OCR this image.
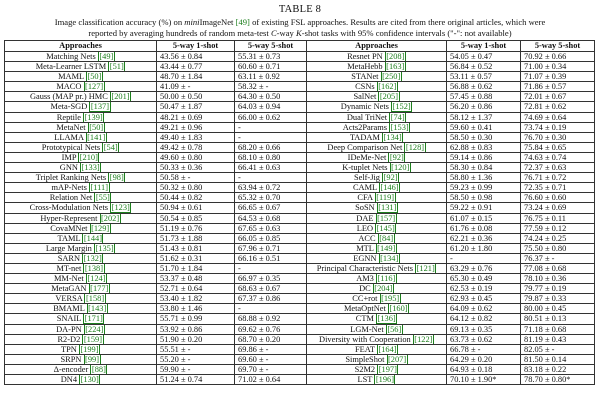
TABLE 8
Image classification accuracy (%) on miniImageNet [49] of existing FSL approaches. Results are cited from there original articles, which were
reported by averaging hundreds of random meta-test C-way K-shot tasks with 95% confidence intervals ("-": not available)
Approaches	5-way 1-shot	5-way 5-shot	Approaches	5-way 1-shot	5-way 5-shot
Matching Nets [49]	43.56 ± 0.84	55.31 ± 0.73	Resnet PN [208]	54.05 ± 0.47	70.92 ± 0.66
Meta-Learner LSTM [51]	43.44 ± 0.77	60.60 ± 0.71	MetaHebb [163]	56.84 ± 0.52	71.00 ± 0.34
MAML [50]	48.70 ± 1.84	63.11 ± 0.92	STANet [250]	53.11 ± 0.57	71.07 ± 0.39
MACO [127]	41.09 ± -	58.32 ± -	CSNs [162]	56.88 ± 0.62	71.86 ± 0.57
Gauss (MAP pr.) HMC [201]	50.00 ± 0.50	64.30 ± 0.50	SalNet [205]	57.45 ± 0.88	72.01 ± 0.67
Meta-SGD [137]	50.47 ± 1.87	64.03 ± 0.94	Dynamic Nets [152]	56.20 ± 0.86	72.81 ± 0.62
Reptile [139]	48.21 ± 0.69	66.00 ± 0.62	Dual TriNet [74]	58.12 ± 1.37	74.69 ± 0.64
MetaNet [50]	49.21 ± 0.96	-	Acts2Params [153]	59.60 ± 0.41	73.74 ± 0.19
LLAMA [141]	49.40 ± 1.83	-	TADAM [134]	58.50 ± 0.30	76.70 ± 0.30
Prototypical Nets [54]	49.42 ± 0.78	68.20 ± 0.66	Deep Comparison Net [128]	62.88 ± 0.83	75.84 ± 0.65
IMP [210]	49.60 ± 0.80	68.10 ± 0.80	IDeMe-Net [92]	59.14 ± 0.86	74.63 ± 0.74
GNN [133]	50.33 ± 0.36	66.41 ± 0.63	K-tuplet Nets [120]	58.30 ± 0.84	72.37 ± 0.63
Triplet Ranking Nets [98]	50.58 ± -	-	Self-Jig [92]	58.80 ± 1.36	76.71 ± 0.72
mAP-Nets [111]	50.32 ± 0.80	63.94 ± 0.72	CAML [146]	59.23 ± 0.99	72.35 ± 0.71
Relation Net [55]	50.44 ± 0.82	65.32 ± 0.70	CFA [119]	58.50 ± 0.98	76.60 ± 0.60
Cross-Modulation Nets [123]	50.94 ± 0.61	66.65 ± 0.67	SoSN [131]	59.22 ± 0.91	73.24 ± 0.69
Hyper-Represent [202]	50.54 ± 0.85	64.53 ± 0.68	DAE [157]	61.07 ± 0.15	76.75 ± 0.11
CovaMNet [129]	51.19 ± 0.76	67.65 ± 0.63	LEO [145]	61.76 ± 0.08	77.59 ± 0.12
TAML [144]	51.73 ± 1.88	66.05 ± 0.85	ACC [84]	62.21 ± 0.36	74.24 ± 0.25
Large Margin [135]	51.43 ± 0.81	67.96 ± 0.71	MTL [149]	61.20 ± 1.80	75.50 ± 0.80
SARN [132]	51.62 ± 0.31	66.16 ± 0.51	EGNN [134]	-	76.37 ± -
MT-net [138]	51.70 ± 1.84	-	Principal Characteristic Nets [121]	63.29 ± 0.76	77.08 ± 0.68
MM-Net [124]	53.37 ± 0.48	66.97 ± 0.35	AM3 [116]	65.30 ± 0.49	78.10 ± 0.36
MetaGAN [177]	52.71 ± 0.64	68.63 ± 0.67	DC [204]	62.53 ± 0.19	79.77 ± 0.19
VERSA [158]	53.40 ± 1.82	67.37 ± 0.86	CC+rot [195]	62.93 ± 0.45	79.87 ± 0.33
BMAML [143]	53.80 ± 1.46	-	MetaOptNet [160]	64.09 ± 0.62	80.00 ± 0.45
SNAIL [171]	55.71 ± 0.99	68.88 ± 0.92	CTM [136]	64.12 ± 0.82	80.51 ± 0.13
DA-PN [224]	53.92 ± 0.86	69.62 ± 0.76	LGM-Net [56]	69.13 ± 0.35	71.18 ± 0.68
R2-D2 [159]	51.90 ± 0.20	68.70 ± 0.20	Diversity with Cooperation [122]	63.73 ± 0.62	81.19 ± 0.43
TPN [199]	55.51 ± -	69.86 ± -	FEAT [164]	66.78 ± -	82.05 ± -
SRPN [99]	55.20 ± -	69.60 ± -	SimpleShot [207]	64.29 ± 0.20	81.50 ± 0.14
Δ-encoder [88]	59.90 ± -	69.70 ± -	S2M2 [197]	64.93 ± 0.18	83.18 ± 0.22
DN4 [130]	51.24 ± 0.74	71.02 ± 0.64	LST [196]	70.10 ± 1.90*	78.70 ± 0.80*
